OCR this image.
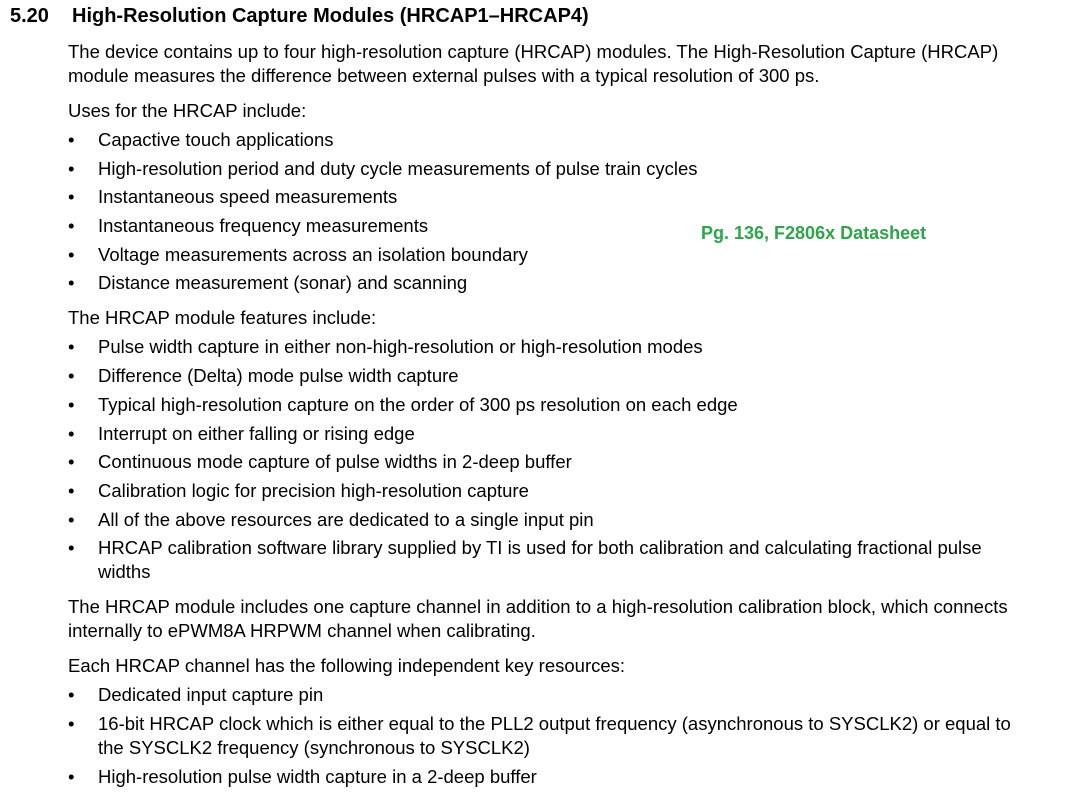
5.20 High-Resolution Capture Modules (HRCAP1–HRCAP4)

The device contains up to four high-resolution capture (HRCAP) modules. The High-Resolution Capture (HRCAP) module measures the difference between external pulses with a typical resolution of 300 ps.

Uses for the HRCAP include:

• Capactive touch applications
• High-resolution period and duty cycle measurements of pulse train cycles
• Instantaneous speed measurements
• Instantaneous frequency measurements
• Voltage measurements across an isolation boundary
• Distance measurement (sonar) and scanning

The HRCAP module features include:

• Pulse width capture in either non-high-resolution or high-resolution modes
• Difference (Delta) mode pulse width capture
• Typical high-resolution capture on the order of 300 ps resolution on each edge
• Interrupt on either falling or rising edge
• Continuous mode capture of pulse widths in 2-deep buffer
• Calibration logic for precision high-resolution capture
• All of the above resources are dedicated to a single input pin
• HRCAP calibration software library supplied by TI is used for both calibration and calculating fractional pulse widths

The HRCAP module includes one capture channel in addition to a high-resolution calibration block, which connects internally to ePWM8A HRPWM channel when calibrating.

Each HRCAP channel has the following independent key resources:

• Dedicated input capture pin
• 16-bit HRCAP clock which is either equal to the PLL2 output frequency (asynchronous to SYSCLK2) or equal to the SYSCLK2 frequency (synchronous to SYSCLK2)
• High-resolution pulse width capture in a 2-deep buffer
Pg. 136, F2806x Datasheet
